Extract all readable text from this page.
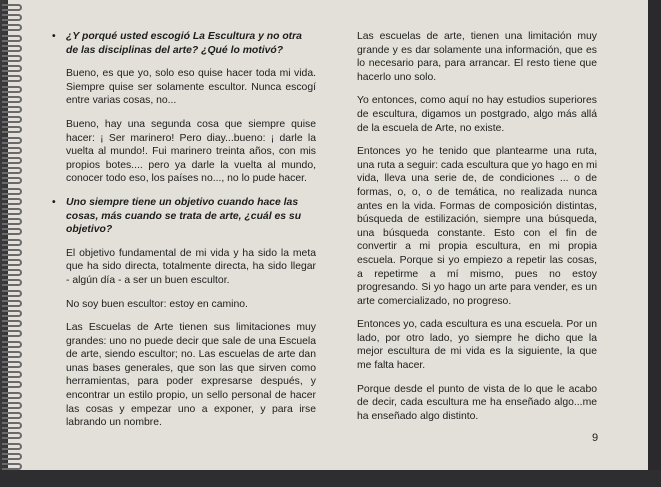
• ¿Y porqué usted escogió La Escultura y no otra de las disciplinas del arte? ¿Qué lo motivó?
Bueno, es que yo, solo eso quise hacer toda mi vida. Siempre quise ser solamente escultor. Nunca escogí entre varias cosas, no...
Bueno, hay una segunda cosa que siempre quise hacer: ¡ Ser marinero! Pero diay...bueno: ¡ darle la vuelta al mundo!. Fui marinero treinta años, con mis propios botes.... pero ya darle la vuelta al mundo, conocer todo eso, los países no..., no lo pude hacer.
• Uno siempre tiene un objetivo cuando hace las cosas, más cuando se trata de arte, ¿cuál es su objetivo?
El objetivo fundamental de mi vida y ha sido la meta que ha sido directa, totalmente directa, ha sido llegar - algún día - a ser un buen escultor.
No soy buen escultor: estoy en camino.
Las Escuelas de Arte tienen sus limitaciones muy grandes: uno no puede decir que sale de una Escuela de arte, siendo escultor; no. Las escuelas de arte dan unas bases generales, que son las que sirven como herramientas, para poder expresarse después, y encontrar un estilo propio, un sello personal de hacer las cosas y empezar uno a exponer, y para irse labrando un nombre.
Las escuelas de arte, tienen una limitación muy grande y es dar solamente una información, que es lo necesario para, para arrancar. El resto tiene que hacerlo uno solo.
Yo entonces, como aquí no hay estudios superiores de escultura, digamos un postgrado, algo más allá de la escuela de Arte, no existe.
Entonces yo he tenido que plantearme una ruta, una ruta a seguir: cada escultura que yo hago en mi vida, lleva una serie de, de condiciones ... o de formas, o, o, o de temática, no realizada nunca antes en la vida. Formas de composición distintas, búsqueda de estilización, siempre una búsqueda, una búsqueda constante. Esto con el fin de convertir a mi propia escultura, en mi propia escuela. Porque si yo empiezo a repetir las cosas, a repetirme a mí mismo, pues no estoy progresando. Si yo hago un arte para vender, es un arte comercializado, no progreso.
Entonces yo, cada escultura es una escuela. Por un lado, por otro lado, yo siempre he dicho que la mejor escultura de mi vida es la siguiente, la que me falta hacer.
Porque desde el punto de vista de lo que le acabo de decir, cada escultura me ha enseñado algo...me ha enseñado algo distinto.
9
